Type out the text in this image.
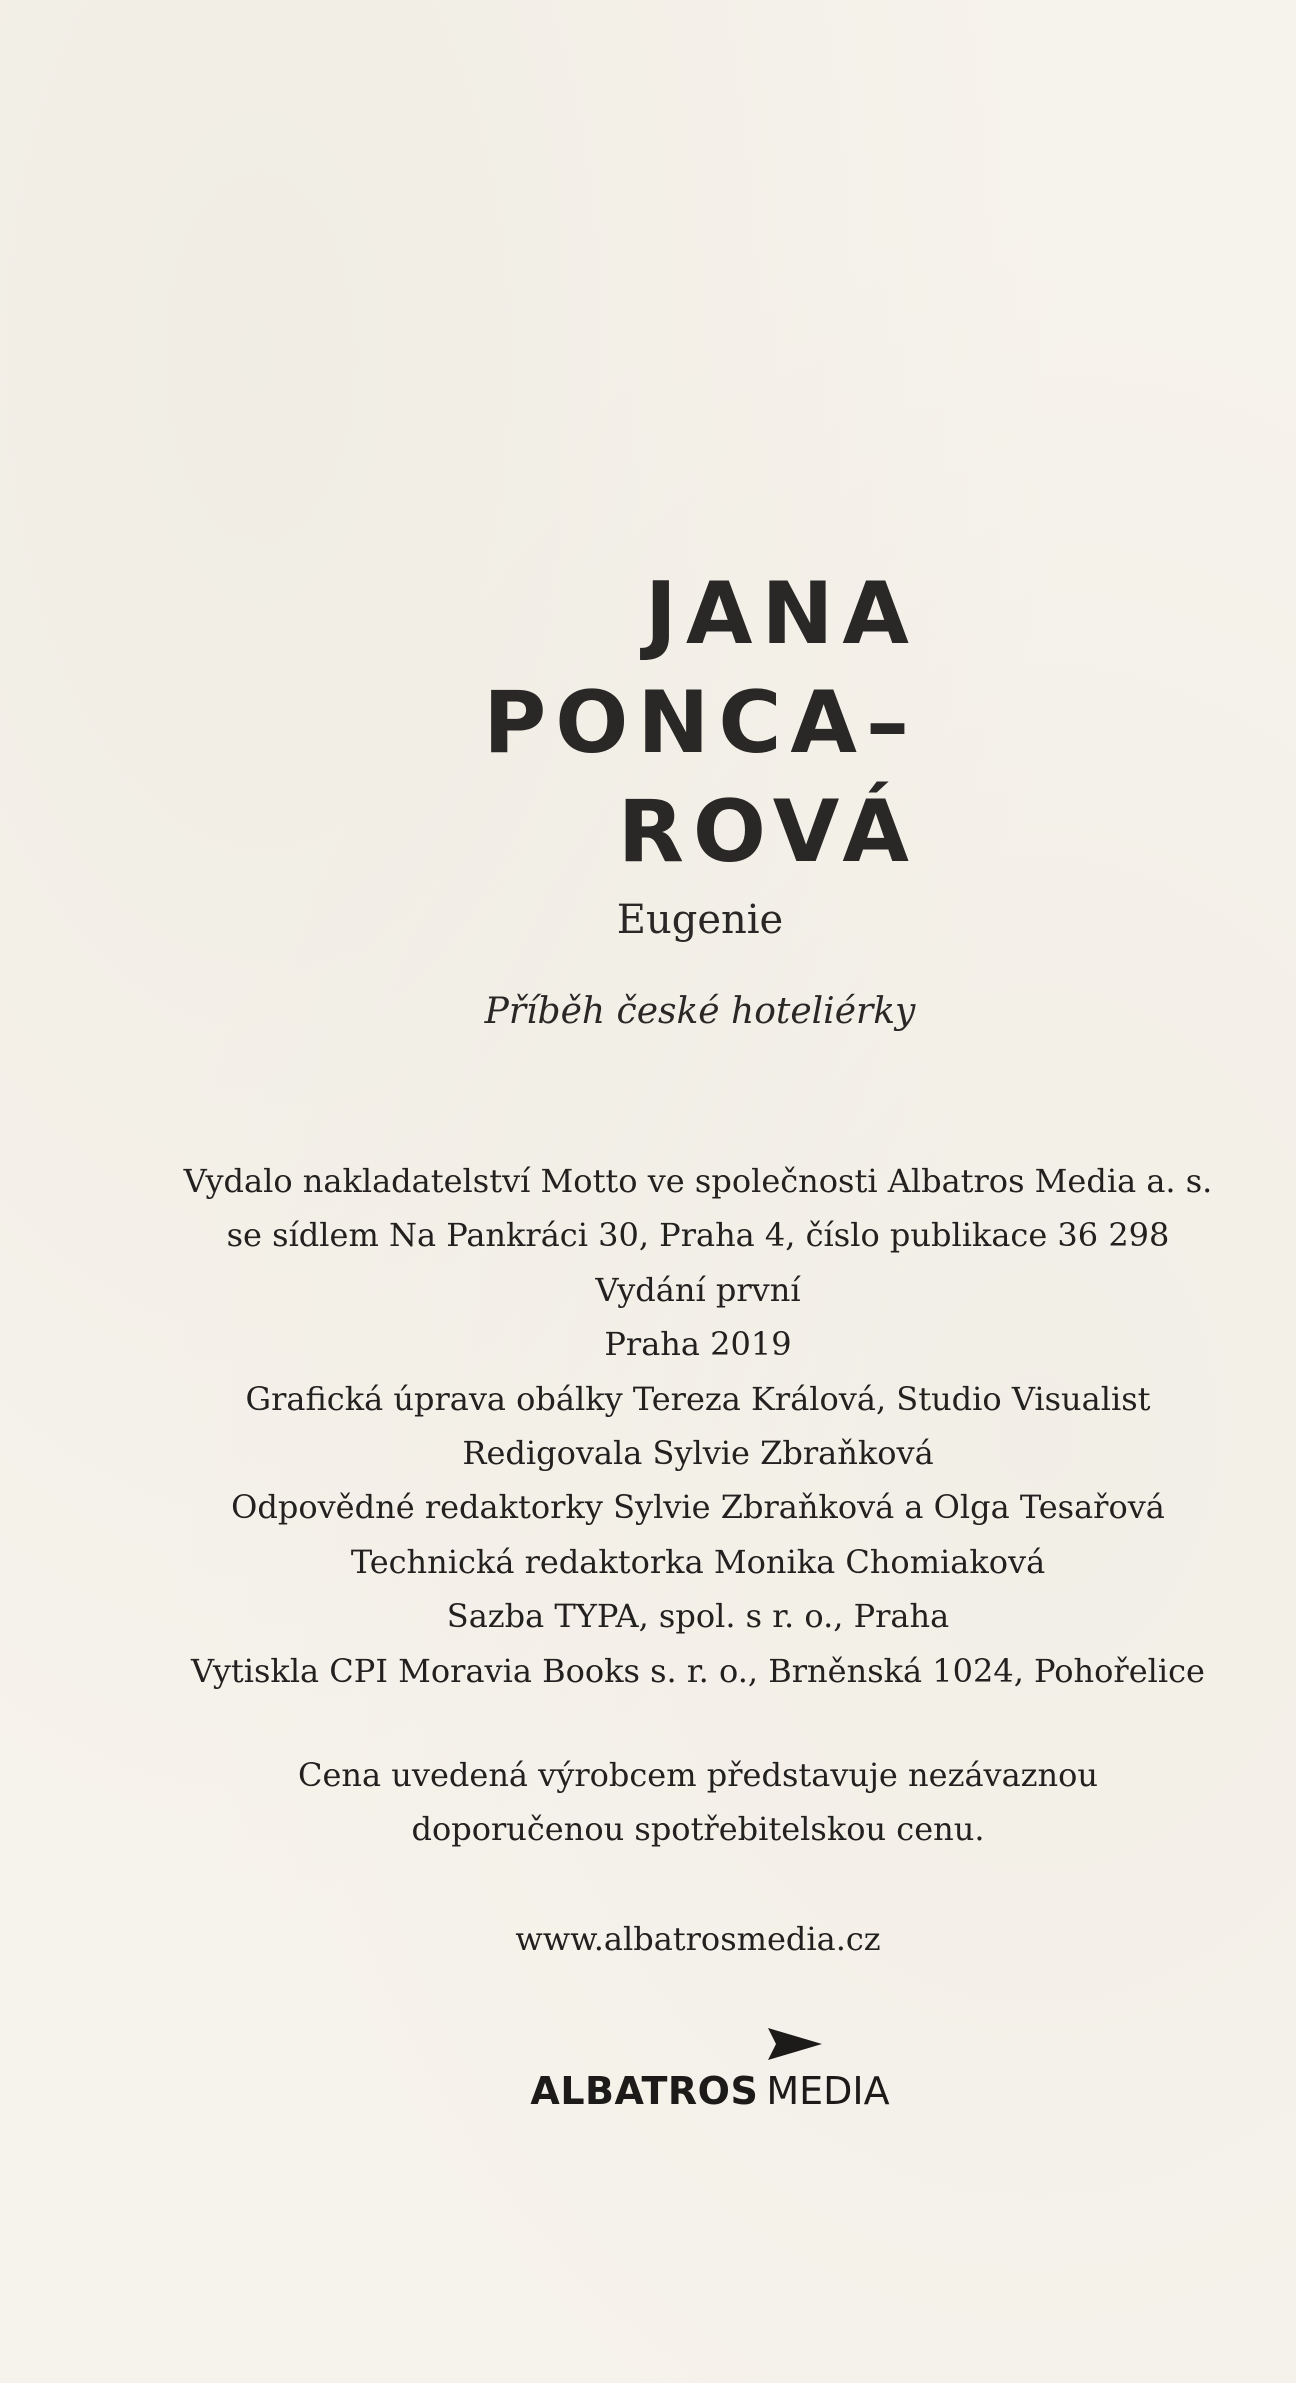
JANA
PONCA–
ROVÁ
Eugenie
Příběh české hoteliérky
Vydalo nakladatelství Motto ve společnosti Albatros Media a. s.
se sídlem Na Pankráci 30, Praha 4, číslo publikace 36 298
Vydání první
Praha 2019
Grafická úprava obálky Tereza Králová, Studio Visualist
Redigovala Sylvie Zbraňková
Odpovědné redaktorky Sylvie Zbraňková a Olga Tesařová
Technická redaktorka Monika Chomiaková
Sazba TYPA, spol. s r. o., Praha
Vytiskla CPI Moravia Books s. r. o., Brněnská 1024, Pohořelice
Cena uvedená výrobcem představuje nezávaznou
doporučenou spotřebitelskou cenu.
www.albatrosmedia.cz
ALBATROS MEDIA
